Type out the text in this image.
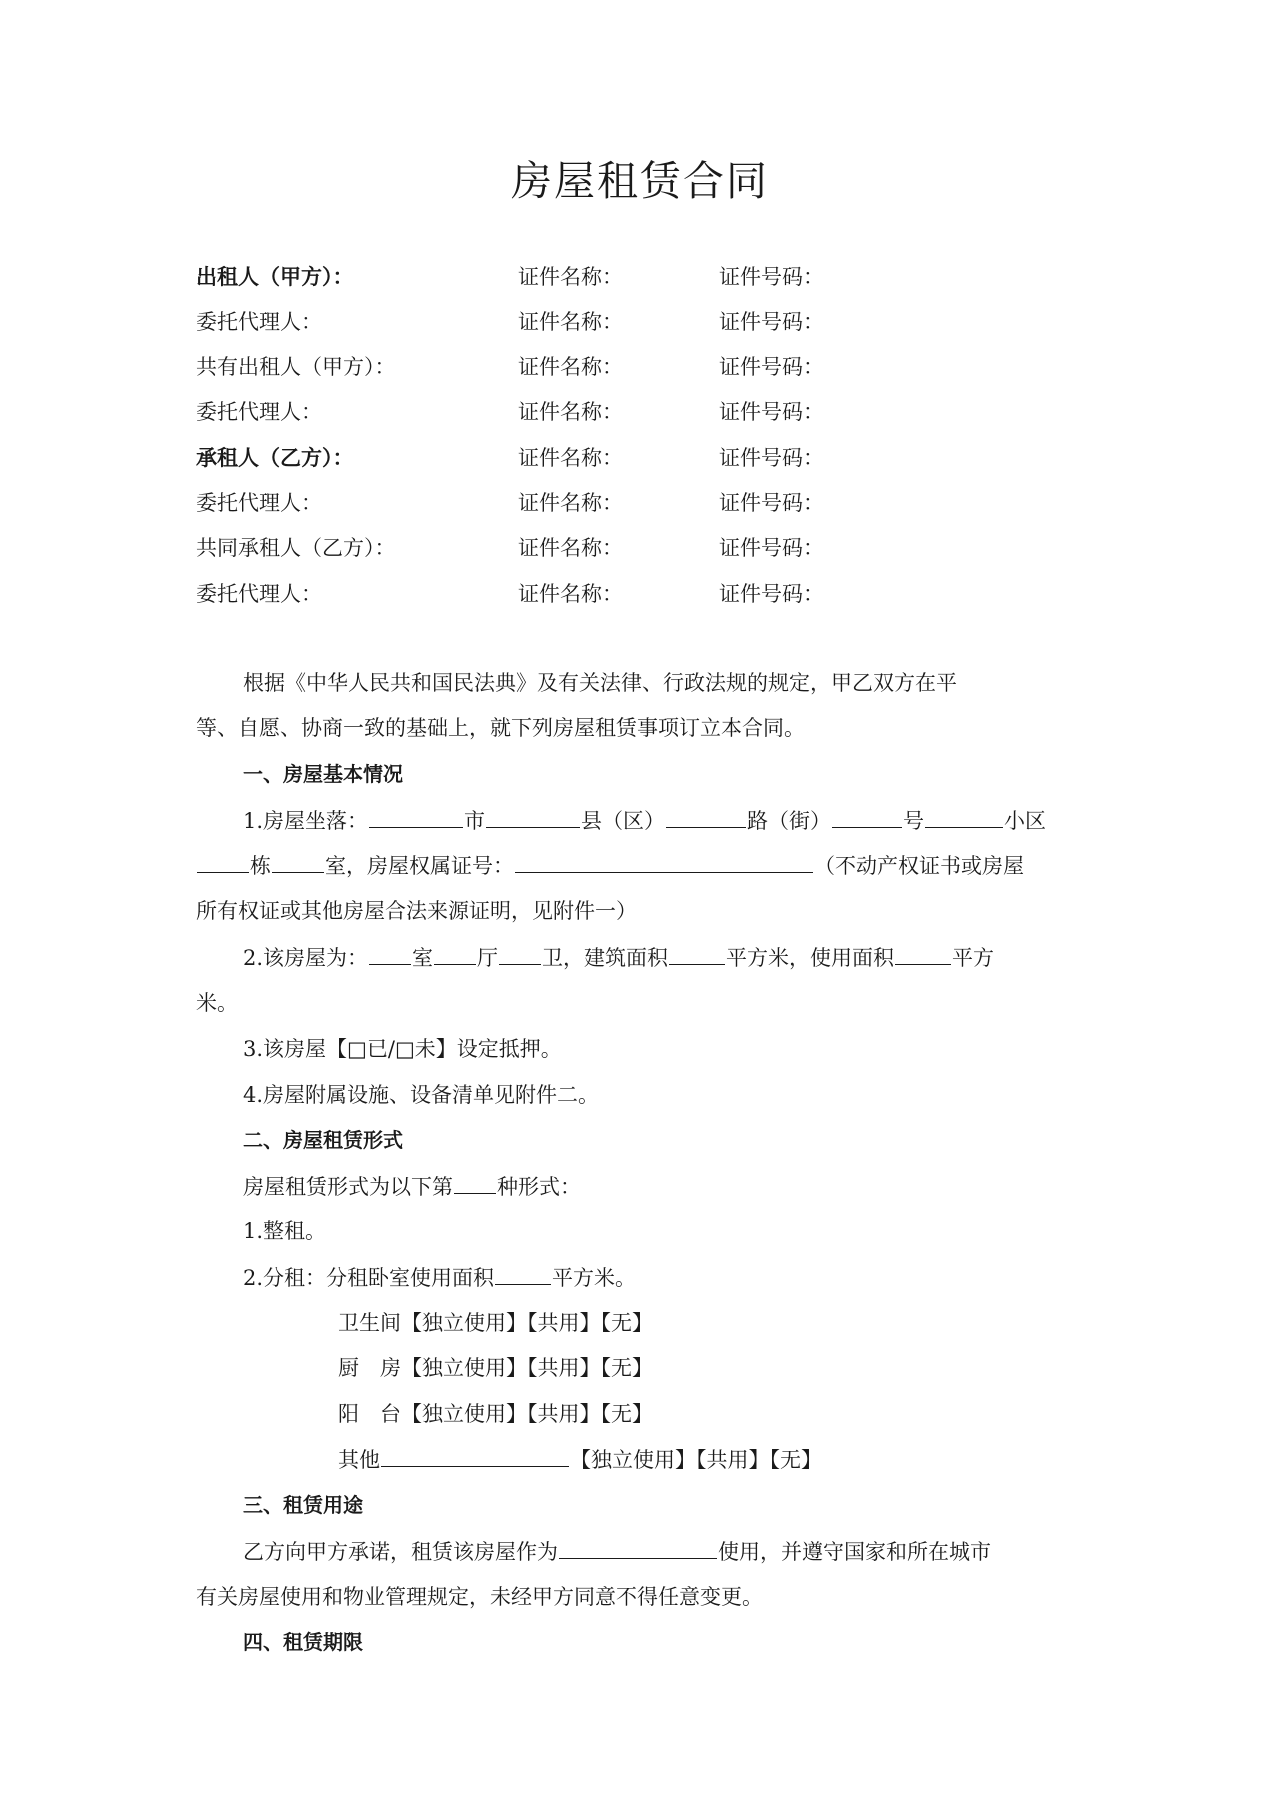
房屋租赁合同
出租人（甲方）：	证件名称：	证件号码：
委托代理人：	证件名称：	证件号码：
共有出租人（甲方）：	证件名称：	证件号码：
委托代理人：	证件名称：	证件号码：
承租人（乙方）：	证件名称：	证件号码：
委托代理人：	证件名称：	证件号码：
共同承租人（乙方）：	证件名称：	证件号码：
委托代理人：	证件名称：	证件号码：
根据《中华人民共和国民法典》及有关法律、行政法规的规定，甲乙双方在平
等、自愿、协商一致的基础上，就下列房屋租赁事项订立本合同。
一、房屋基本情况
1.房屋坐落：	市	县（区）	路（街）	号	小区
栋	室，房屋权属证号：	（不动产权证书或房屋
所有权证或其他房屋合法来源证明，见附件一）
2.该房屋为： 室 厅 卫，建筑面积	平方米，使用面积	平方
米。
3.该房屋【□已/□未】设定抵押。
4.房屋附属设施、设备清单见附件二。
二、房屋租赁形式
房屋租赁形式为以下第 种形式：
1.整租。
2.分租：分租卧室使用面积	平方米。
卫生间【独立使用】【共用】【无】
厨　房【独立使用】【共用】【无】
阳　台【独立使用】【共用】【无】
其他	【独立使用】【共用】【无】
三、租赁用途
乙方向甲方承诺，租赁该房屋作为	使用，并遵守国家和所在城市
有关房屋使用和物业管理规定，未经甲方同意不得任意变更。
四、租赁期限
